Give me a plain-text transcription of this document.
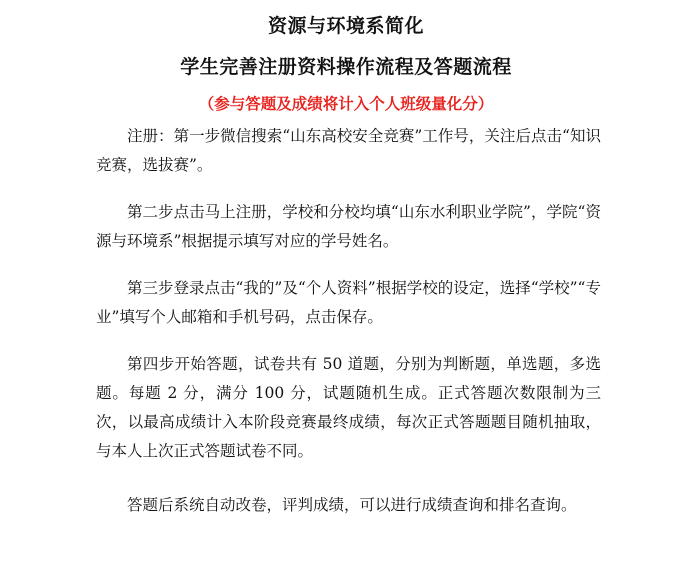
资源与环境系简化
学生完善注册资料操作流程及答题流程
（参与答题及成绩将计入个人班级量化分）

注册：第一步微信搜索“山东高校安全竞赛”工作号，关注后点击“知识竞赛，选拔赛”。

第二步点击马上注册，学校和分校均填“山东水利职业学院”，学院“资源与环境系”根据提示填写对应的学号姓名。

第三步登录点击“我的”及“个人资料”根据学校的设定，选择“学校”“专业”填写个人邮箱和手机号码，点击保存。

第四步开始答题，试卷共有 50 道题，分别为判断题，单选题，多选题。每题 2 分，满分 100 分，试题随机生成。正式答题次数限制为三次，以最高成绩计入本阶段竞赛最终成绩，每次正式答题题目随机抽取，与本人上次正式答题试卷不同。

答题后系统自动改卷，评判成绩，可以进行成绩查询和排名查询。
